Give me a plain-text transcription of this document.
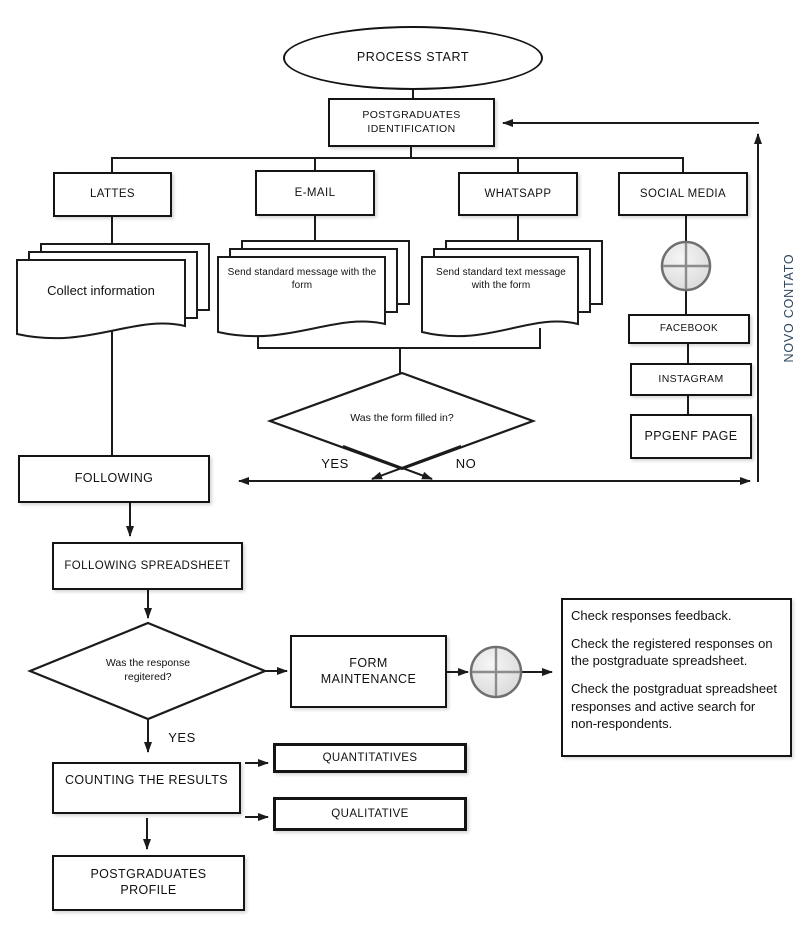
PROCESS START
POSTGRADUATES IDENTIFICATION
LATTES	E-MAIL	WHATSAPP	SOCIAL MEDIA
Collect information
Send standard message with the form
Send standard text message with the form
FACEBOOK
INSTAGRAM
PPGENF PAGE
Was the form filled in?
YES	NO
FOLLOWING
FOLLOWING SPREADSHEET
Was the response regitered?
YES
FORM MAINTENANCE

Check responses feedback.

Check the registered responses on the postgraduate spreadsheet.

Check the postgraduat spreadsheet responses and active search for non-respondents.

COUNTING THE RESULTS
QUANTITATIVES
QUALITATIVE
POSTGRADUATES PROFILE
NOVO CONTATO
